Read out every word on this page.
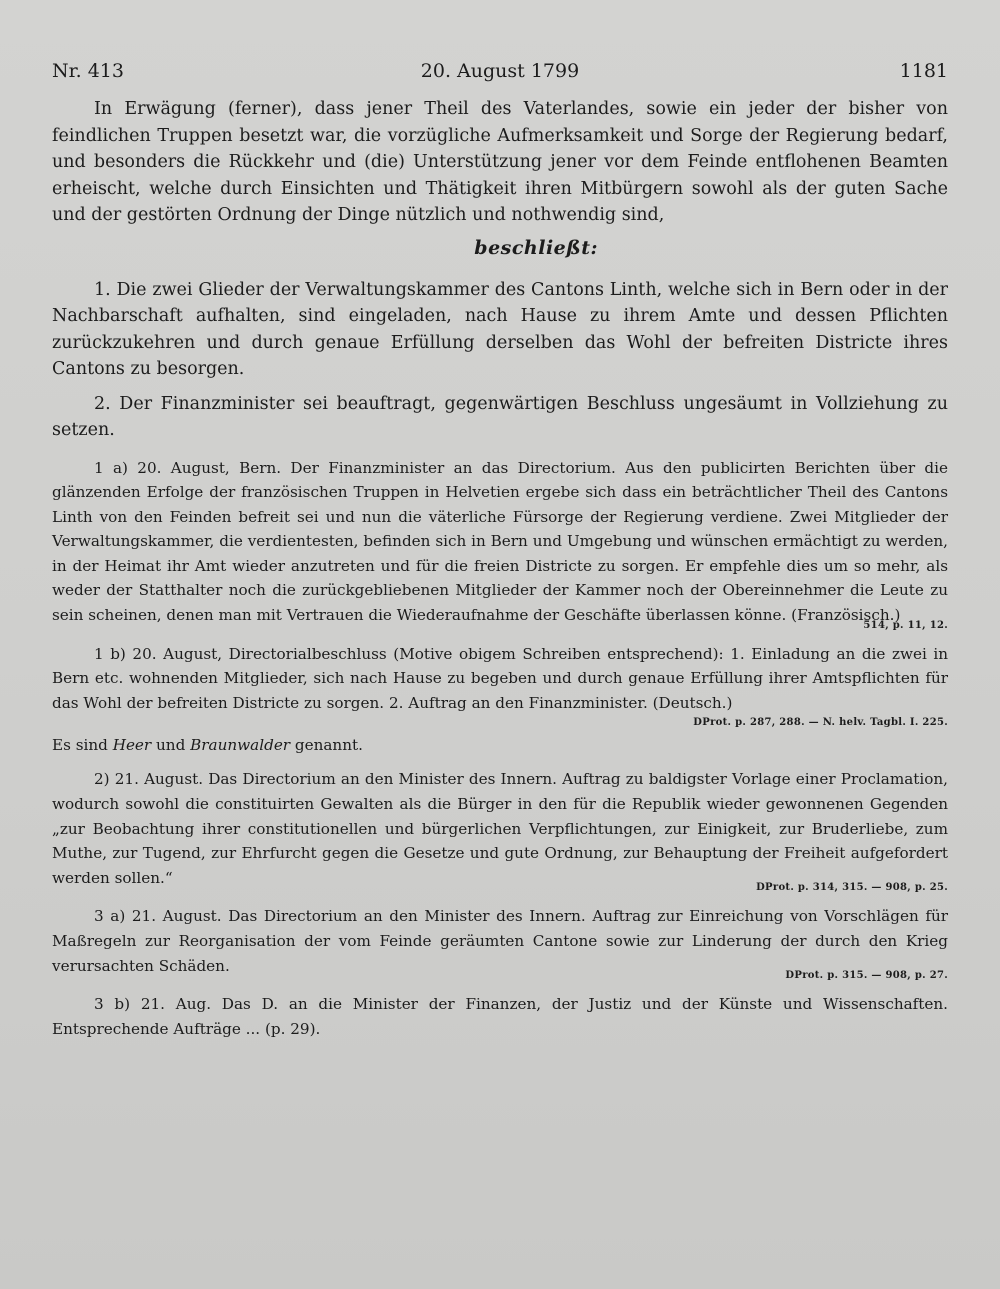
Nr. 413	20. August 1799	1181

In Erwägung (ferner), dass jener Theil des Vaterlandes, sowie ein jeder der bisher von feindlichen Truppen besetzt war, die vorzügliche Aufmerksamkeit und Sorge der Regierung bedarf, und besonders die Rückkehr und (die) Unterstützung jener vor dem Feinde entflohenen Beamten erheischt, welche durch Einsichten und Thätigkeit ihren Mitbürgern sowohl als der guten Sache und der gestörten Ordnung der Dinge nützlich und nothwendig sind,

beschließt:

1. Die zwei Glieder der Verwaltungskammer des Cantons Linth, welche sich in Bern oder in der Nachbarschaft aufhalten, sind eingeladen, nach Hause zu ihrem Amte und dessen Pflichten zurückzukehren und durch genaue Erfüllung derselben das Wohl der befreiten Districte ihres Cantons zu besorgen.

2. Der Finanzminister sei beauftragt, gegenwärtigen Beschluss ungesäumt in Vollziehung zu setzen.

1 a) 20. August, Bern. Der Finanzminister an das Directorium. Aus den publicirten Berichten über die glänzenden Erfolge der französischen Truppen in Helvetien ergebe sich dass ein beträchtlicher Theil des Cantons Linth von den Feinden befreit sei und nun die väterliche Fürsorge der Regierung verdiene. Zwei Mitglieder der Verwaltungskammer, die verdientesten, befinden sich in Bern und Umgebung und wünschen ermächtigt zu werden, in der Heimat ihr Amt wieder anzutreten und für die freien Districte zu sorgen. Er empfehle dies um so mehr, als weder der Statthalter noch die zurückgebliebenen Mitglieder der Kammer noch der Obereinnehmer die Leute zu sein scheinen, denen man mit Vertrauen die Wiederaufnahme der Geschäfte überlassen könne. (Französisch.)

514, p. 11, 12.

1 b) 20. August, Directorialbeschluss (Motive obigem Schreiben entsprechend): 1. Einladung an die zwei in Bern etc. wohnenden Mitglieder, sich nach Hause zu begeben und durch genaue Erfüllung ihrer Amtspflichten für das Wohl der befreiten Districte zu sorgen. 2. Auftrag an den Finanzminister. (Deutsch.)

DProt. p. 287, 288. — N. helv. Tagbl. I. 225.

Es sind Heer und Braunwalder genannt.

2) 21. August. Das Directorium an den Minister des Innern. Auftrag zu baldigster Vorlage einer Proclamation, wodurch sowohl die constituirten Gewalten als die Bürger in den für die Republik wieder gewonnenen Gegenden „zur Beobachtung ihrer constitutionellen und bürgerlichen Verpflichtungen, zur Einigkeit, zur Bruderliebe, zum Muthe, zur Tugend, zur Ehrfurcht gegen die Gesetze und gute Ordnung, zur Behauptung der Freiheit aufgefordert werden sollen.“

DProt. p. 314, 315. — 908, p. 25.

3 a) 21. August. Das Directorium an den Minister des Innern. Auftrag zur Einreichung von Vorschlägen für Maßregeln zur Reorganisation der vom Feinde geräumten Cantone sowie zur Linderung der durch den Krieg verursachten Schäden.

DProt. p. 315. — 908, p. 27.

3 b) 21. Aug. Das D. an die Minister der Finanzen, der Justiz und der Künste und Wissenschaften. Entsprechende Aufträge ... (p. 29).
